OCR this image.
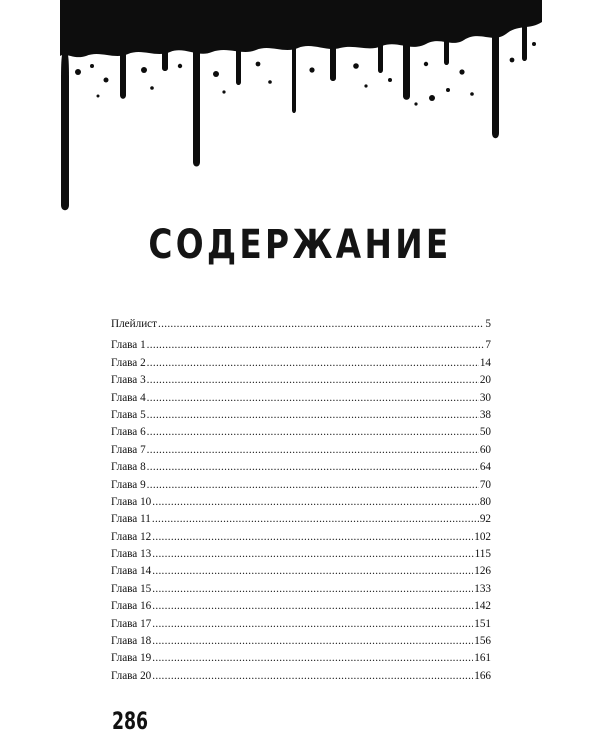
СОДЕРЖАНИЕ
Плейлист .....	5
Глава 1 .....	7
Глава 2 .....	14
Глава 3 .....	20
Глава 4 .....	30
Глава 5 .....	38
Глава 6 .....	50
Глава 7 .....	60
Глава 8 .....	64
Глава 9 .....	70
Глава 10 .....	80
Глава 11 .....	92
Глава 12 .....	102
Глава 13 .....	115
Глава 14 .....	126
Глава 15 .....	133
Глава 16 .....	142
Глава 17 .....	151
Глава 18 .....	156
Глава 19 .....	161
Глава 20 .....	166
286
